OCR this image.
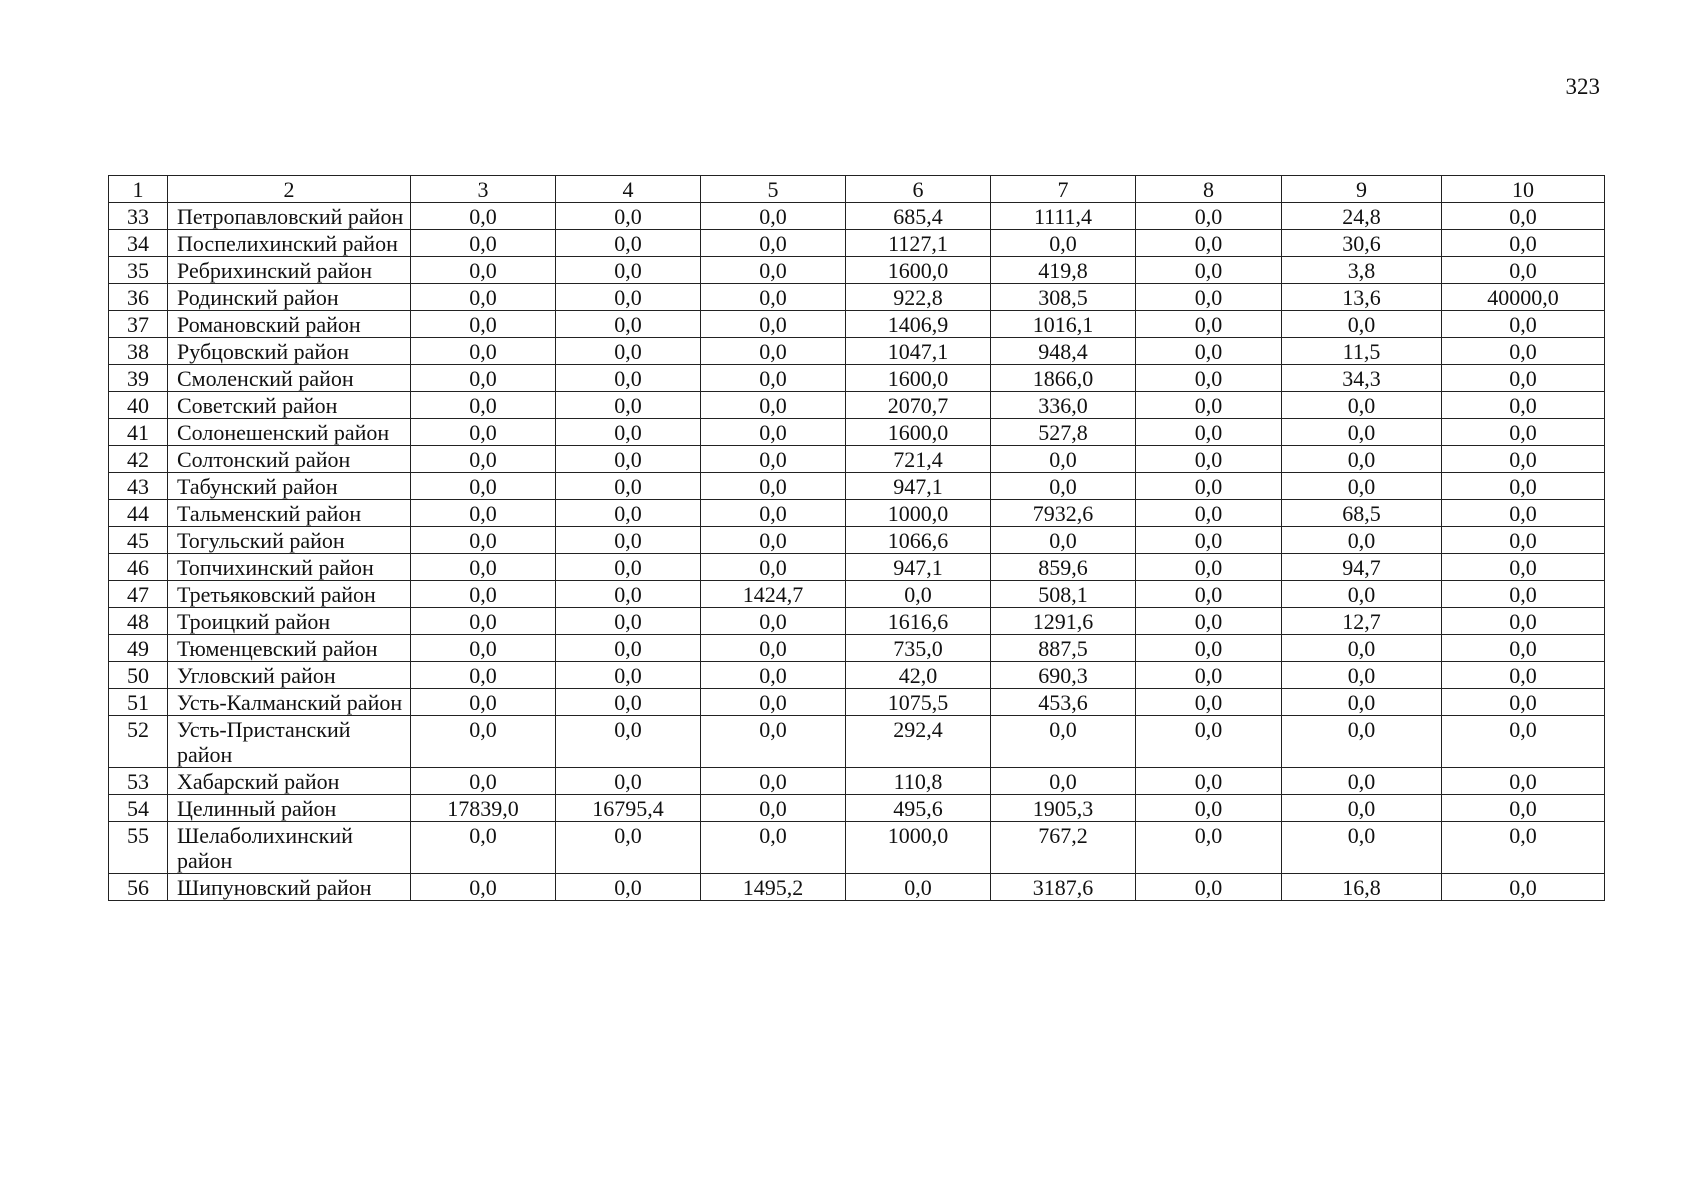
323
1	2	3	4	5	6	7	8	9	10
33	Петропавловский район	0,0	0,0	0,0	685,4	1111,4	0,0	24,8	0,0
34	Поспелихинский район	0,0	0,0	0,0	1127,1	0,0	0,0	30,6	0,0
35	Ребрихинский район	0,0	0,0	0,0	1600,0	419,8	0,0	3,8	0,0
36	Родинский район	0,0	0,0	0,0	922,8	308,5	0,0	13,6	40000,0
37	Романовский район	0,0	0,0	0,0	1406,9	1016,1	0,0	0,0	0,0
38	Рубцовский район	0,0	0,0	0,0	1047,1	948,4	0,0	11,5	0,0
39	Смоленский район	0,0	0,0	0,0	1600,0	1866,0	0,0	34,3	0,0
40	Советский район	0,0	0,0	0,0	2070,7	336,0	0,0	0,0	0,0
41	Солонешенский район	0,0	0,0	0,0	1600,0	527,8	0,0	0,0	0,0
42	Солтонский район	0,0	0,0	0,0	721,4	0,0	0,0	0,0	0,0
43	Табунский район	0,0	0,0	0,0	947,1	0,0	0,0	0,0	0,0
44	Тальменский район	0,0	0,0	0,0	1000,0	7932,6	0,0	68,5	0,0
45	Тогульский район	0,0	0,0	0,0	1066,6	0,0	0,0	0,0	0,0
46	Топчихинский район	0,0	0,0	0,0	947,1	859,6	0,0	94,7	0,0
47	Третьяковский район	0,0	0,0	1424,7	0,0	508,1	0,0	0,0	0,0
48	Троицкий район	0,0	0,0	0,0	1616,6	1291,6	0,0	12,7	0,0
49	Тюменцевский район	0,0	0,0	0,0	735,0	887,5	0,0	0,0	0,0
50	Угловский район	0,0	0,0	0,0	42,0	690,3	0,0	0,0	0,0
51	Усть-Калманский район	0,0	0,0	0,0	1075,5	453,6	0,0	0,0	0,0
52	Усть-Пристанский район	0,0	0,0	0,0	292,4	0,0	0,0	0,0	0,0
53	Хабарский район	0,0	0,0	0,0	110,8	0,0	0,0	0,0	0,0
54	Целинный район	17839,0	16795,4	0,0	495,6	1905,3	0,0	0,0	0,0
55	Шелаболихинский район	0,0	0,0	0,0	1000,0	767,2	0,0	0,0	0,0
56	Шипуновский район	0,0	0,0	1495,2	0,0	3187,6	0,0	16,8	0,0
